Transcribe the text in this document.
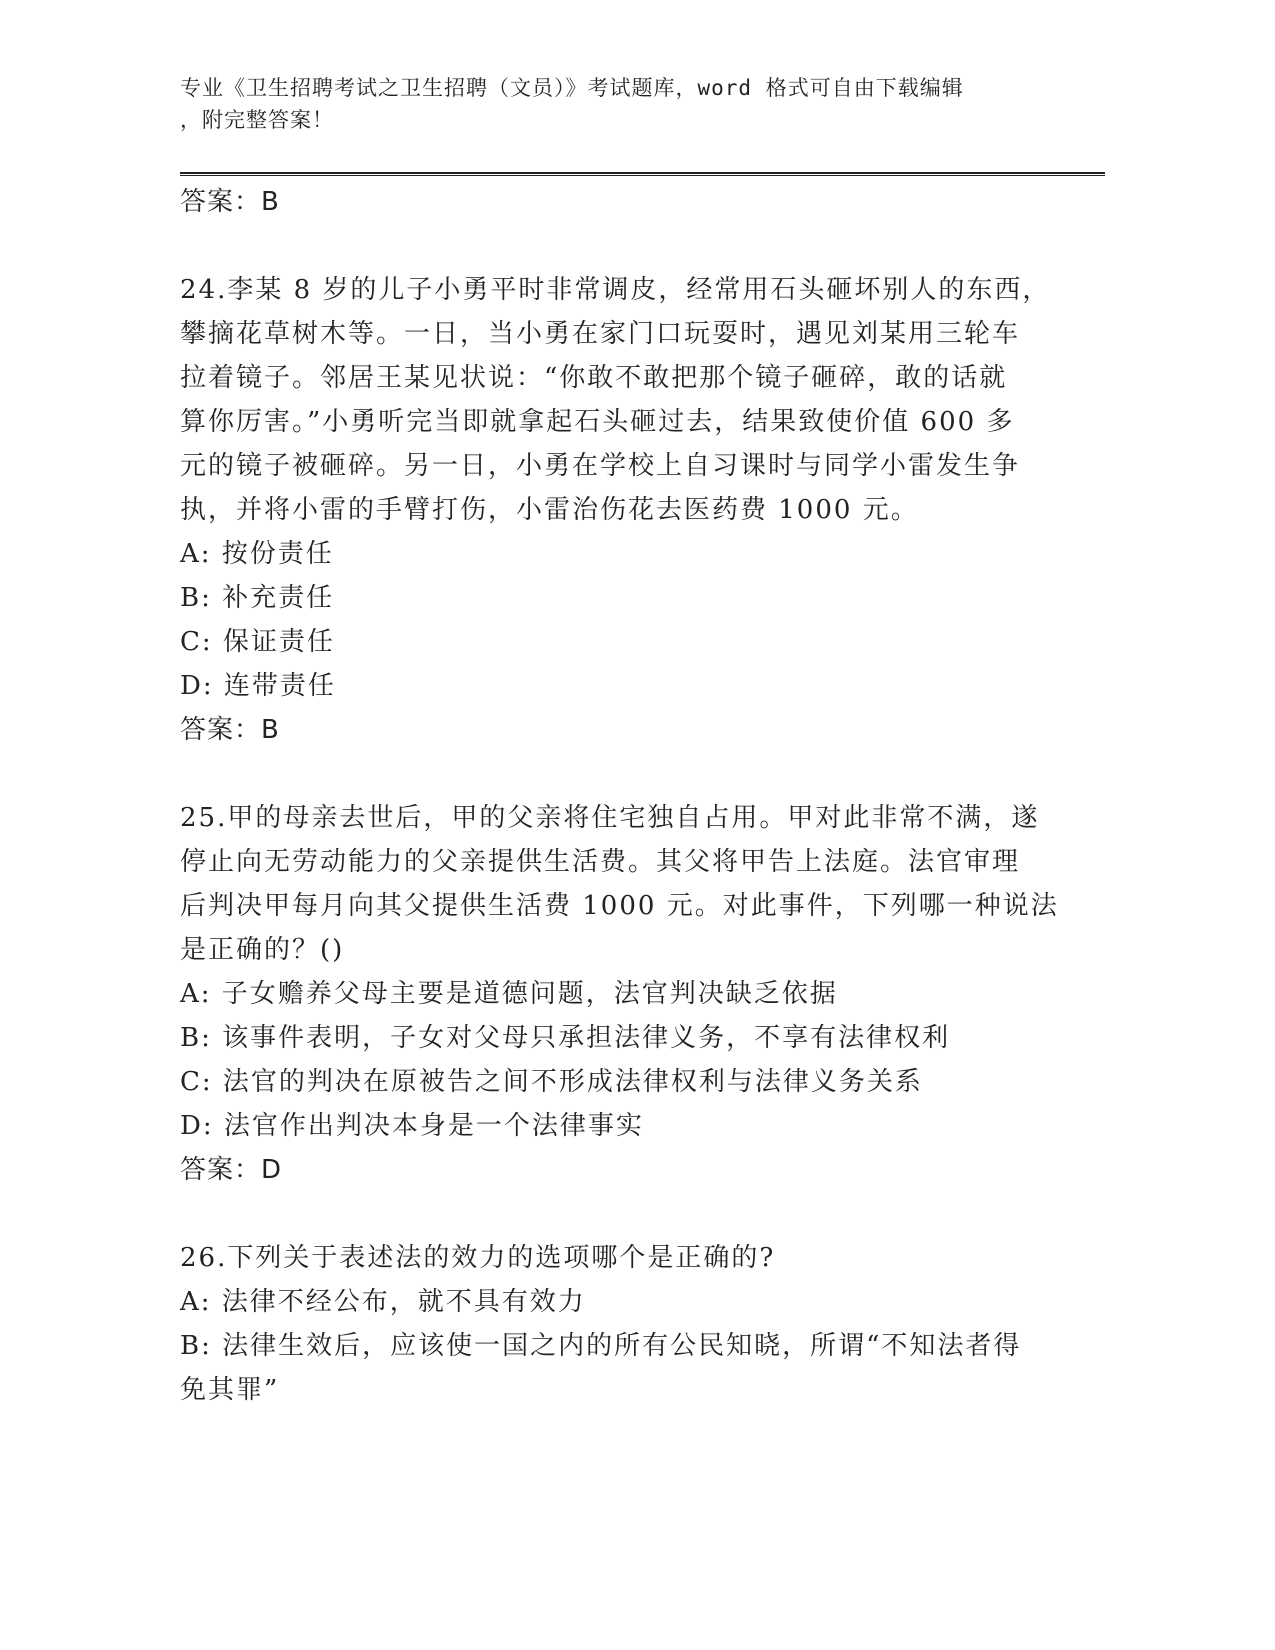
专业《卫生招聘考试之卫生招聘（文员）》考试题库，word 格式可自由下载编辑
，附完整答案！
答案：B
24.李某 8 岁的儿子小勇平时非常调皮，经常用石头砸坏别人的东西，
攀摘花草树木等。一日，当小勇在家门口玩耍时，遇见刘某用三轮车
拉着镜子。邻居王某见状说：“你敢不敢把那个镜子砸碎，敢的话就
算你厉害。”小勇听完当即就拿起石头砸过去，结果致使价值 600 多
元的镜子被砸碎。另一日，小勇在学校上自习课时与同学小雷发生争
执，并将小雷的手臂打伤，小雷治伤花去医药费 1000 元。
A: 按份责任
B: 补充责任
C: 保证责任
D: 连带责任
答案：B
25.甲的母亲去世后，甲的父亲将住宅独自占用。甲对此非常不满，遂
停止向无劳动能力的父亲提供生活费。其父将甲告上法庭。法官审理
后判决甲每月向其父提供生活费 1000 元。对此事件，下列哪一种说法
是正确的？()
A: 子女赡养父母主要是道德问题，法官判决缺乏依据
B: 该事件表明，子女对父母只承担法律义务，不享有法律权利
C: 法官的判决在原被告之间不形成法律权利与法律义务关系
D: 法官作出判决本身是一个法律事实
答案：D
26.下列关于表述法的效力的选项哪个是正确的?
A: 法律不经公布，就不具有效力
B: 法律生效后，应该使一国之内的所有公民知晓，所谓“不知法者得
免其罪”
